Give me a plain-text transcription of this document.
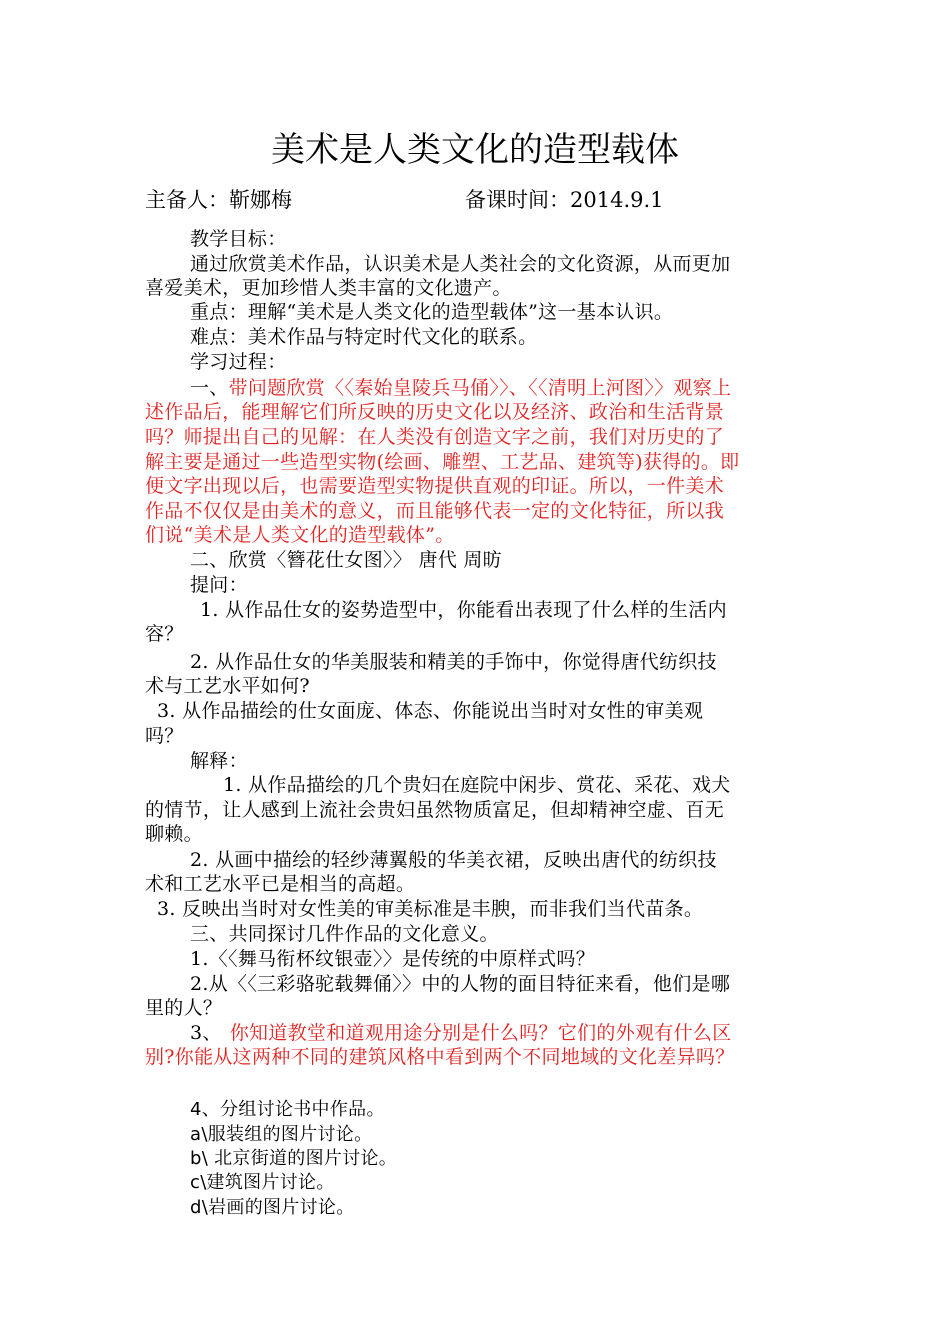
美术是人类文化的造型载体
主备人：靳娜梅	备课时间：2014.9.1
教学目标：
通过欣赏美术作品，认识美术是人类社会的文化资源，从而更加
喜爱美术，更加珍惜人类丰富的文化遗产。
重点：理解“美术是人类文化的造型载体”这一基本认识。
难点：美术作品与特定时代文化的联系。
学习过程：
一、带问题欣赏〈〈秦始皇陵兵马俑〉〉、〈〈清明上河图〉〉观察上
述作品后，能理解它们所反映的历史文化以及经济、政治和生活背景
吗？师提出自己的见解：在人类没有创造文字之前，我们对历史的了
解主要是通过一些造型实物(绘画、雕塑、工艺品、建筑等)获得的。即
便文字出现以后，也需要造型实物提供直观的印证。所以，一件美术
作品不仅仅是由美术的意义，而且能够代表一定的文化特征，所以我
们说“美术是人类文化的造型载体”。
二、欣赏〈簪花仕女图〉〉 唐代 周昉
提问：
1. 从作品仕女的姿势造型中，你能看出表现了什么样的生活内
容？
2. 从作品仕女的华美服装和精美的手饰中，你觉得唐代纺织技
术与工艺水平如何?
3. 从作品描绘的仕女面庞、体态、你能说出当时对女性的审美观
吗？
解释：
1. 从作品描绘的几个贵妇在庭院中闲步、赏花、采花、戏犬
的情节，让人感到上流社会贵妇虽然物质富足，但却精神空虚、百无
聊赖。
2. 从画中描绘的轻纱薄翼般的华美衣裙，反映出唐代的纺织技
术和工艺水平已是相当的高超。
3. 反映出当时对女性美的审美标准是丰腴，而非我们当代苗条。
三、共同探讨几件作品的文化意义。
1.〈〈舞马衔杯纹银壶〉〉是传统的中原样式吗？
2.从〈〈三彩骆驼载舞俑〉〉中的人物的面目特征来看，他们是哪
里的人？
3、 你知道教堂和道观用途分别是什么吗？它们的外观有什么区
别?你能从这两种不同的建筑风格中看到两个不同地域的文化差异吗？
4、分组讨论书中作品。
a\服装组的图片讨论。
b\ 北京街道的图片讨论。
c\建筑图片讨论。
d\岩画的图片讨论。
